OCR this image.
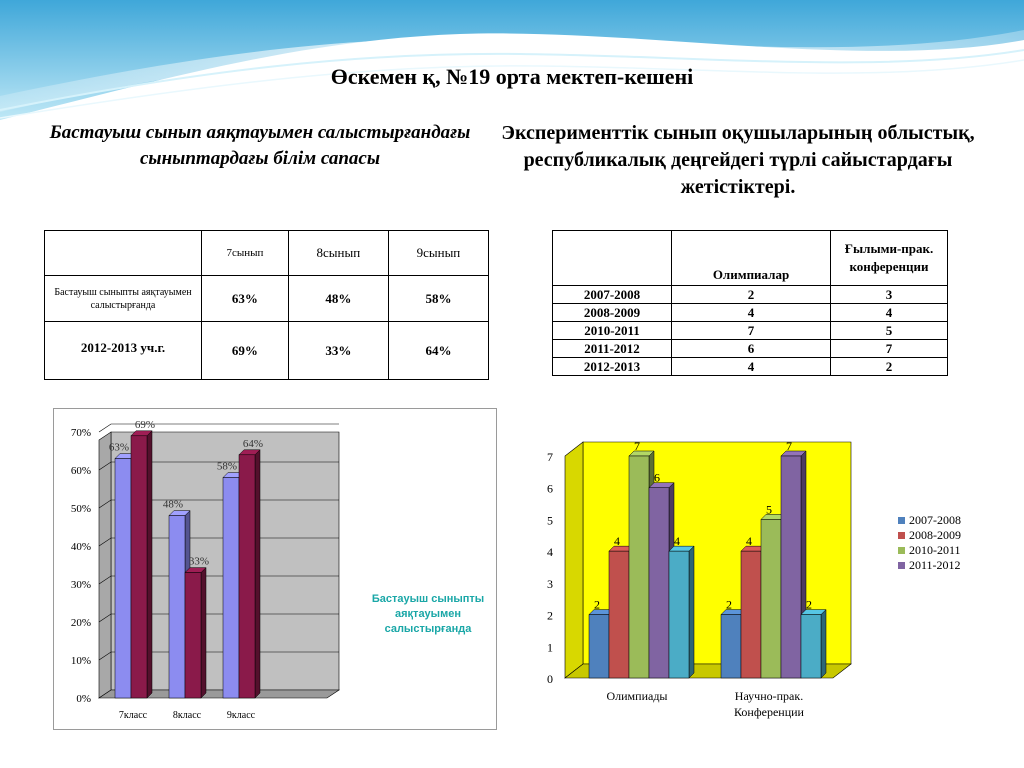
Өскемен қ, №19 орта мектеп-кешені
Бастауыш сынып аяқтауымен салыстырғандағы сыныптардағы білім сапасы
Эксперименттік сынып оқушыларының облыстық, республикалық деңгейдегі түрлі сайыстардағы жетістіктері.
	7сынып	8сынып	9сынып
Бастауыш сыныпты аяқтауымен салыстырғанда	63%	48%	58%
2012-2013 уч.г.	69%	33%	64%
	Олимпиалар	Ғылыми-прак. конференции
2007-2008	2	3
2008-2009	4	4
2010-2011	7	5
2011-2012	6	7
2012-2013	4	2
0%
10%
20%
30%
40%
50%
60%
70%
63%
69%
7класс
48%
33%
8класс
58%
64%
9класс
Бастауыш сыныпты аяқтауымен салыстырғанда
0
1
2
3
4
5
6
7
2
4
7
6
4
Олимпиады
2
4
5
7
2
Научно-прак.
Конференции
2007-2008
2008-2009
2010-2011
2011-2012
